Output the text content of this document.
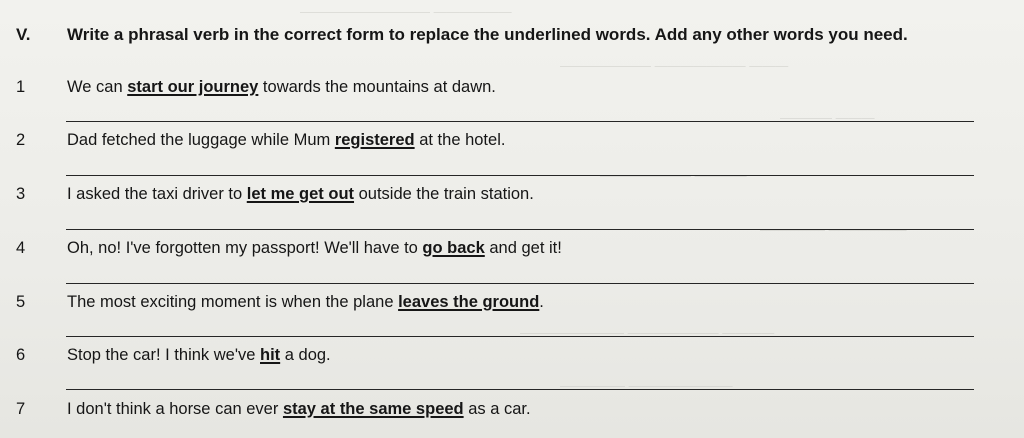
—————————— ——————
——————— ——————— ———
———— ———
——————— ————
————— ——————
———————— ——————— ————
————— ————————
V. Write a phrasal verb in the correct form to replace the underlined words. Add any other words you need.
1	We can start our journey towards the mountains at dawn.
2	Dad fetched the luggage while Mum registered at the hotel.
3	I asked the taxi driver to let me get out outside the train station.
4	Oh, no! I've forgotten my passport! We'll have to go back and get it!
5	The most exciting moment is when the plane leaves the ground.
6	Stop the car! I think we've hit a dog.
7	I don't think a horse can ever stay at the same speed as a car.
